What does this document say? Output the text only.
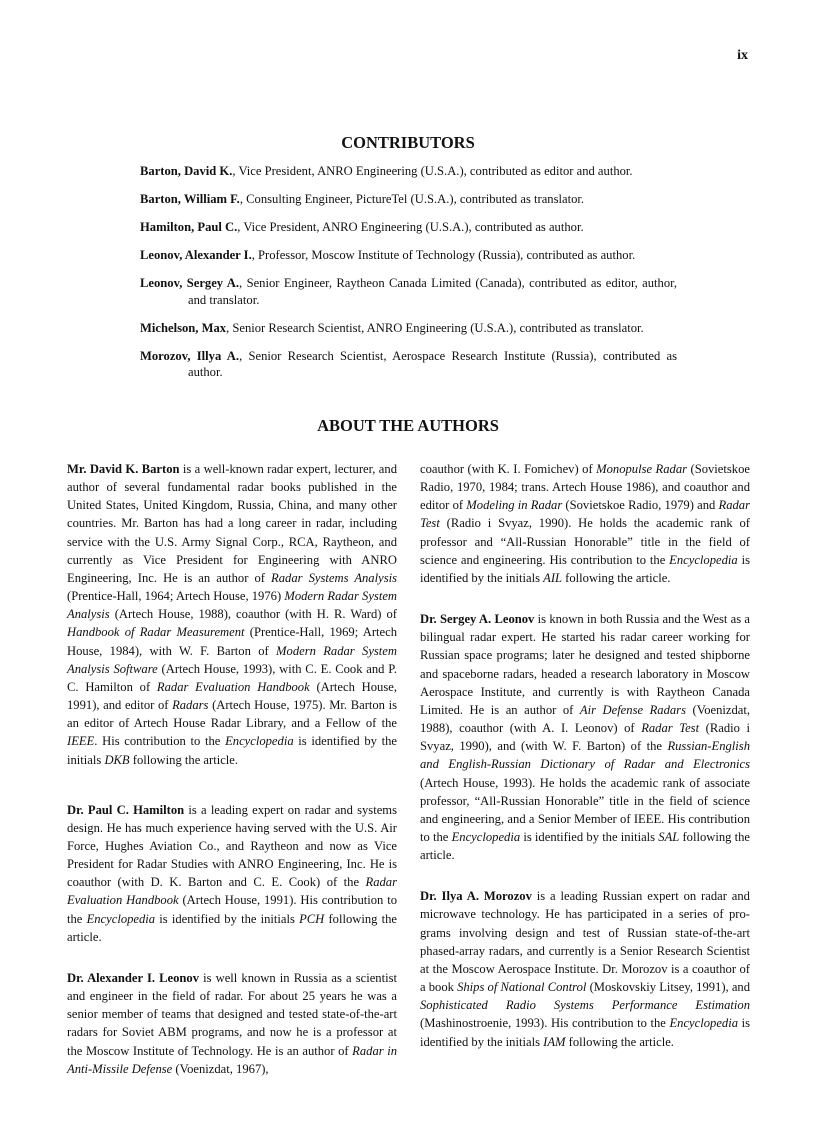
ix
CONTRIBUTORS
Barton, David K., Vice President, ANRO Engineering (U.S.A.), contributed as editor and author.
Barton, William F., Consulting Engineer, PictureTel (U.S.A.), contributed as translator.
Hamilton, Paul C., Vice President, ANRO Engineering (U.S.A.), contributed as author.
Leonov, Alexander I., Professor, Moscow Institute of Technology (Russia), contributed as author.
Leonov, Sergey A., Senior Engineer, Raytheon Canada Limited (Canada), contributed as editor, author, and translator.
Michelson, Max, Senior Research Scientist, ANRO Engineering (U.S.A.), contributed as translator.
Morozov, Illya A., Senior Research Scientist, Aerospace Research Institute (Russia), contributed as author.
ABOUT THE AUTHORS

Mr. David K. Barton is a well-known radar expert, lecturer, and author of several fundamental radar books published in the United States, United Kingdom, Russia, China, and many other countries. Mr. Barton has had a long career in radar, including service with the U.S. Army Signal Corp., RCA, Raytheon, and currently as Vice President for Engineering with ANRO Engineering, Inc. He is an author of Radar Systems Analysis (Prentice-Hall, 1964; Artech House, 1976) Modern Radar System Analysis (Artech House, 1988), coauthor (with H. R. Ward) of Handbook of Radar Measurement (Prentice-Hall, 1969; Artech House, 1984), with W. F. Barton of Modern Radar System Analysis Software (Artech House, 1993), with C. E. Cook and P. C. Hamilton of Radar Evaluation Handbook (Artech House, 1991), and editor of Radars (Artech House, 1975). Mr. Barton is an editor of Artech House Radar Library, and a Fellow of the IEEE. His contribution to the Encyclopedia is identified by the initials DKB following the article.

Dr. Paul C. Hamilton is a leading expert on radar and systems design. He has much experience having served with the U.S. Air Force, Hughes Aviation Co., and Raytheon and now as Vice President for Radar Studies with ANRO Engineering, Inc. He is coauthor (with D. K. Barton and C. E. Cook) of the Radar Evaluation Handbook (Artech House, 1991). His contribution to the Encyclopedia is identified by the initials PCH following the article.

Dr. Alexander I. Leonov is well known in Russia as a scientist and engineer in the field of radar. For about 25 years he was a senior member of teams that designed and tested state-of-the-art radars for Soviet ABM programs, and now he is a professor at the Moscow Institute of Technology. He is an author of Radar in Anti-Missile Defense (Voenizdat, 1967),

coauthor (with K. I. Fomichev) of Monopulse Radar (Sovietskoe Radio, 1970, 1984; trans. Artech House 1986), and coauthor and editor of Modeling in Radar (Sovietskoe Radio, 1979) and Radar Test (Radio i Svyaz, 1990). He holds the academic rank of professor and “All-Russian Honorable” title in the field of science and engineering. His contribution to the Encyclopedia is identified by the initials AIL following the article.

Dr. Sergey A. Leonov is known in both Russia and the West as a bilingual radar expert. He started his radar career working for Russian space programs; later he designed and tested shipborne and spaceborne radars, headed a research laboratory in Moscow Aerospace Institute, and currently is with Raytheon Canada Limited. He is an author of Air Defense Radars (Voenizdat, 1988), coauthor (with A. I. Leonov) of Radar Test (Radio i Svyaz, 1990), and (with W. F. Barton) of the Russian-English and English-Russian Dictionary of Radar and Electronics (Artech House, 1993). He holds the academic rank of associate professor, “All-Russian Honorable” title in the field of science and engineering, and a Senior Member of IEEE. His contribution to the Encyclopedia is identified by the initials SAL following the article.

Dr. Ilya A. Morozov is a leading Russian expert on radar and microwave technology. He has participated in a series of programs involving design and test of Russian state-of-the-art phased-array radars, and currently is a Senior Research Scientist at the Moscow Aerospace Institute. Dr. Morozov is a coauthor of a book Ships of National Control (Moskovskiy Litsey, 1991), and Sophisticated Radio Systems Performance Estimation (Mashinostroenie, 1993). His contribution to the Encyclopedia is identified by the initials IAM following the article.
